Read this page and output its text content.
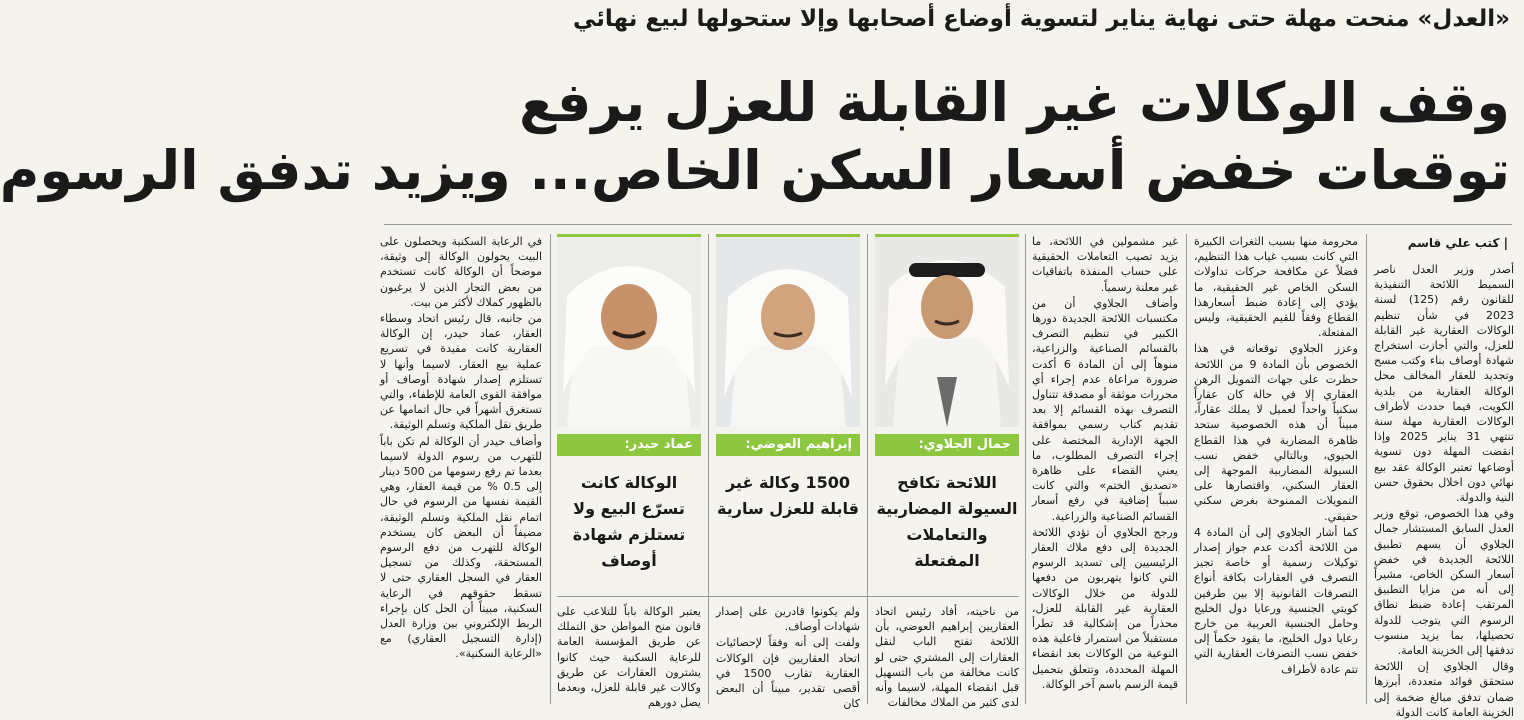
«العدل» منحت مهلة حتى نهاية يناير لتسوية أوضاع أصحابها وإلا ستحولها لبيع نهائي
وقف الوكالات غير القابلة للعزل يرفع
توقعات خفض أسعار السكن الخاص... ويزيد تدفق الرسوم
| كتب علي قاسم

أصدر وزير العدل ناصر السميط اللائحة التنفيذية للقانون رقم (125) لسنة 2023 في شأن تنظيم الوكالات العقارية غير القابلة للعزل، والتي أجازت استخراج شهادة أوصاف بناء وكتب مسح وتجديد للعقار المخالف محل الوكالة العقارية من بلدية الكويت، فيما حددت لأطراف الوكالات العقارية مهلة سنة تنتهي 31 يناير 2025 وإذا انقضت المهلة دون تسوية أوضاعها تعتبر الوكالة عقد بيع نهائي دون اخلال بحقوق حسن النية والدولة.

وفي هذا الخصوص، توقع وزير العدل السابق المستشار جمال الجلاوي أن يسهم تطبيق اللائحة الجديدة في خفض أسعار السكن الخاص، مشيراً إلى أنه من مزايا التطبيق المرتقب إعادة ضبط نطاق الرسوم التي يتوجب للدولة تحصيلها، بما يزيد منسوب تدفقها إلى الخزينة العامة.

وقال الجلاوي إن اللائحة ستحقق فوائد متعددة، أبرزها ضمان تدفق مبالغ ضخمة إلى الخزينة العامة كانت الدولة

محرومة منها بسبب الثغرات الكبيرة التي كانت بسبب غياب هذا التنظيم، فضلاً عن مكافحة حركات تداولات السكن الخاص غير الحقيقية، ما يؤدي إلى إعادة ضبط أسعارهذا القطاع وفقاً للقيم الحقيقية، وليس المفتعلة.

وعزز الجلاوي توقعاته في هذا الخصوص بأن المادة 9 من اللائحة حظرت على جهات التمويل الرهن العقاري إلا في حالة كان عقاراً سكنياً واحداً لعميل لا يملك عقاراً، مبيناً أن هذه الخصوصية ستحد ظاهرة المضاربة في هذا القطاع الحيوي، وبالتالي خفض نسب السيولة المضاربية الموجهة إلى العقار السكني، واقتصارها على التمويلات الممنوحة بغرض سكني حقيقي.

كما أشار الجلاوي إلى أن المادة 4 من اللائحة أكدت عدم جواز إصدار توكيلات رسمية أو خاصة تجيز التصرف في العقارات بكافة أنواع التصرفات القانونية إلا بين طرفين كويتي الجنسية ورعايا دول الخليج وحامل الجنسية العربية من خارج رعايا دول الخليج، ما يقود حكماً إلى خفض نسب التصرفات العقارية التي تتم عادة لأطراف

غير مشمولين في اللائحة، ما يزيد تصيب التعاملات الحقيقية على حساب المنفذة باتفاقيات غير معلنة رسمياً.

وأضاف الجلاوي أن من مكتسبات اللائحة الجديدة دورها الكبير في تنظيم التصرف بالقسائم الصناعية والزراعية، منوهاً إلى أن المادة 6 أكدت ضرورة مراعاة عدم إجراء أي محررات موثقة أو مصدقة تتناول التصرف بهذه القسائم إلا بعد تقديم كتاب رسمي بموافقة الجهة الإدارية المختصة على إجراء التصرف المطلوب، ما يعني القضاء على ظاهرة «تصديق الختم» والتي كانت سبباً إضافية في رفع أسعار القسائم الصناعية والزراعية.

ورجح الجلاوي أن تؤدي اللائحة الجديدة إلى دفع ملاك العقار الرئيسيين إلى تسديد الرسوم التي كانوا يتهربون من دفعها للدولة من خلال الوكالات العقارية غير القابلة للعزل، محذراً من إشكالية قد تطرأ مستقبلاً من استمرار فاعلية هذه النوعية من الوكالات بعد انقضاء المهلة المحددة، وتتعلق بتحميل قيمة الرسم باسم آخر الوكالة.

جمال الجلاوي:
اللائحة تكافح السيولة المضاربية والتعاملات المفتعلة
إبراهيم العوضي:
1500 وكالة غير قابلة للعزل سارية
عماد حيدر:
الوكالة كانت تسرّع البيع ولا تستلزم شهادة أوصاف

من ناحيته، أفاد رئيس اتحاد العقاريين إبراهيم العوضي، بأن اللائحة تفتح الباب لنقل العقارات إلى المشتري حتى لو كانت مخالفة من باب التسهيل قبل انقضاء المهلة، لاسيما وأنه لدى كثير من الملاك مخالفات

ولم يكونوا قادرين على إصدار شهادات أوصاف.

ولفت إلى أنه وفقاً لإحصائيات اتحاد العقاريين فإن الوكالات العقارية تقارب 1500 في أقصى تقدير، مبيناً أن البعض كان

يعتبر الوكالة باباً للتلاعب على قانون منح المواطن حق التملك عن طريق المؤسسة العامة للرعاية السكنية حيث كانوا يشترون العقارات عن طريق وكالات غير قابلة للعزل، وبعدما يصل دورهم

في الرعاية السكنية ويحصلون على البيت يحولون الوكالة إلى وثيقة، موضحاً أن الوكالة كانت تستخدم من بعض التجار الذين لا يرغبون بالظهور كملاك لأكثر من بيت.

من جانبه، قال رئيس اتحاد وسطاء العقار، عماد حيدر، إن الوكالة العقارية كانت مفيدة في تسريع عملية بيع العقار، لاسيما وأنها لا تستلزم إصدار شهادة أوصاف أو موافقة القوى العامة للإطفاء، والتي تستغرق أشهراً في حال اتمامها عن طريق نقل الملكية وتسلم الوثيقة.

وأضاف حيدر أن الوكالة لم تكن باباً للتهرب من رسوم الدولة لاسيما بعدما تم رفع رسومها من 500 دينار إلى 0.5 % من قيمة العقار، وهي القيمة نفسها من الرسوم في حال اتمام نقل الملكية وتسلم الوثيقة، مضيفاً أن البعض كان يستخدم الوكالة للتهرب من دفع الرسوم المستحقة، وكذلك من تسجيل العقار في السجل العقاري حتى لا تسقط حقوقهم في الرعاية السكنية، مبيناً أن الحل كان بإجراء الربط الإلكتروني بين وزارة العدل (إدارة التسجيل العقاري) مع «الرعاية السكنية».
